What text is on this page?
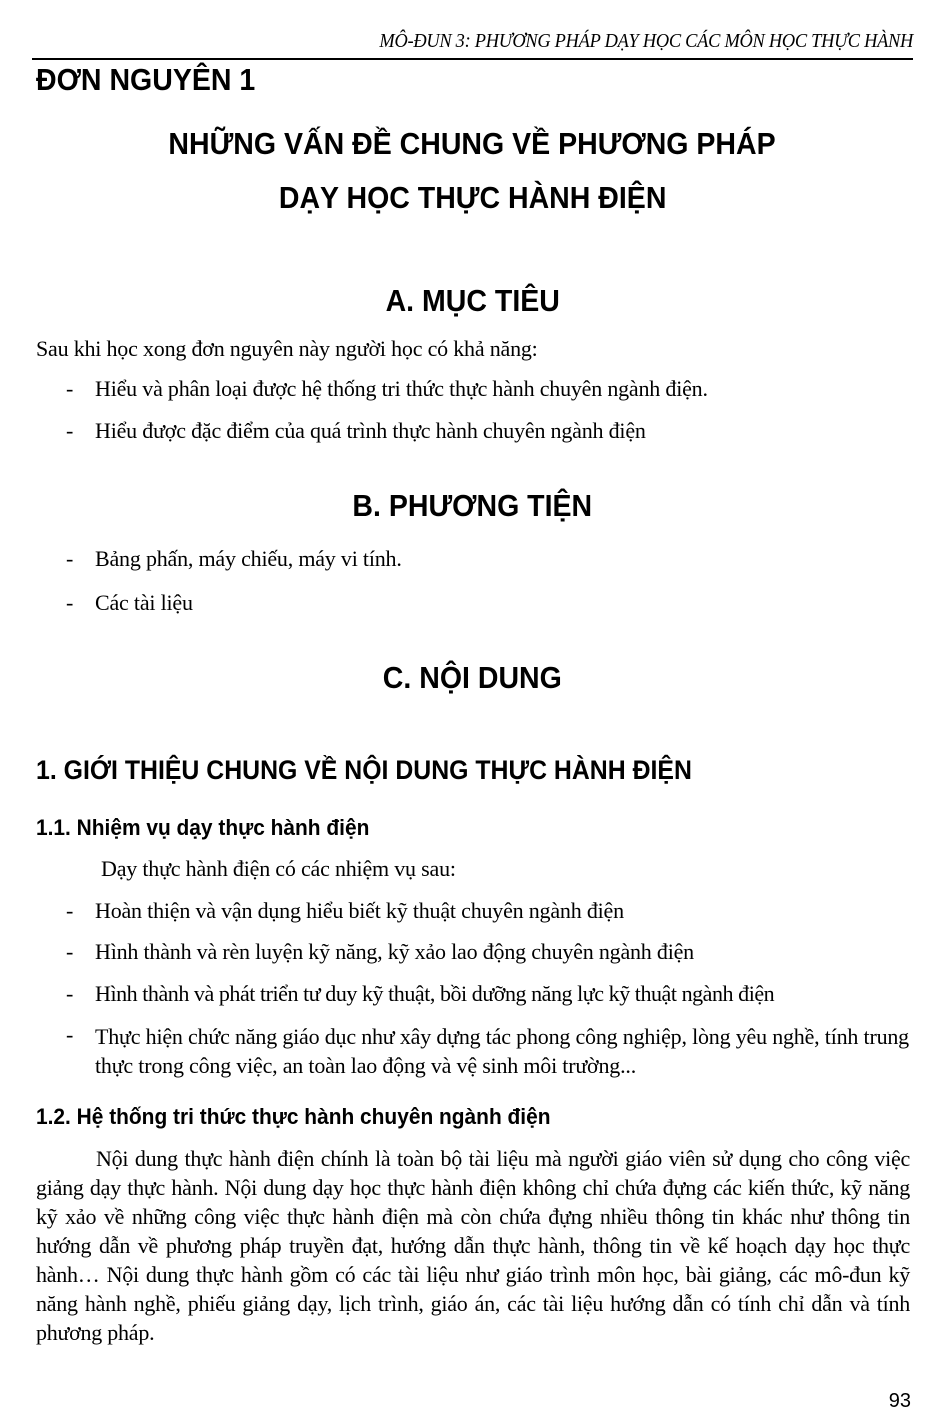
MÔ-ĐUN 3: PHƯƠNG PHÁP DẠY HỌC CÁC MÔN HỌC THỰC HÀNH
ĐƠN NGUYÊN 1
NHỮNG VẤN ĐỀ CHUNG VỀ PHƯƠNG PHÁP
DẠY HỌC THỰC HÀNH ĐIỆN
A. MỤC TIÊU
Sau khi học xong đơn nguyên này người học có khả năng:
- Hiểu và phân loại được hệ thống tri thức thực hành chuyên ngành điện.
- Hiểu được đặc điểm của quá trình thực hành chuyên ngành điện
B. PHƯƠNG TIỆN
- Bảng phấn, máy chiếu, máy vi tính.
- Các tài liệu
C. NỘI DUNG
1. GIỚI THIỆU CHUNG VỀ NỘI DUNG THỰC HÀNH ĐIỆN
1.1. Nhiệm vụ dạy thực hành điện
Dạy thực hành điện có các nhiệm vụ sau:
- Hoàn thiện và vận dụng hiểu biết kỹ thuật chuyên ngành điện
- Hình thành và rèn luyện kỹ năng, kỹ xảo lao động chuyên ngành điện
- Hình thành và phát triển tư duy kỹ thuật, bồi dưỡng năng lực kỹ thuật ngành điện
- Thực hiện chức năng giáo dục như xây dựng tác phong công nghiệp, lòng yêu nghề, tính trung thực trong công việc, an toàn lao động và vệ sinh môi trường...
1.2. Hệ thống tri thức thực hành chuyên ngành điện
Nội dung thực hành điện chính là toàn bộ tài liệu mà người giáo viên sử dụng cho công việc giảng dạy thực hành. Nội dung dạy học thực hành điện không chỉ chứa đựng các kiến thức, kỹ năng kỹ xảo về những công việc thực hành điện mà còn chứa đựng nhiều thông tin khác như thông tin hướng dẫn về phương pháp truyền đạt, hướng dẫn thực hành, thông tin về kế hoạch dạy học thực hành… Nội dung thực hành gồm có các tài liệu như giáo trình môn học, bài giảng, các mô-đun kỹ năng hành nghề, phiếu giảng dạy, lịch trình, giáo án, các tài liệu hướng dẫn có tính chỉ dẫn và tính phương pháp.
93
